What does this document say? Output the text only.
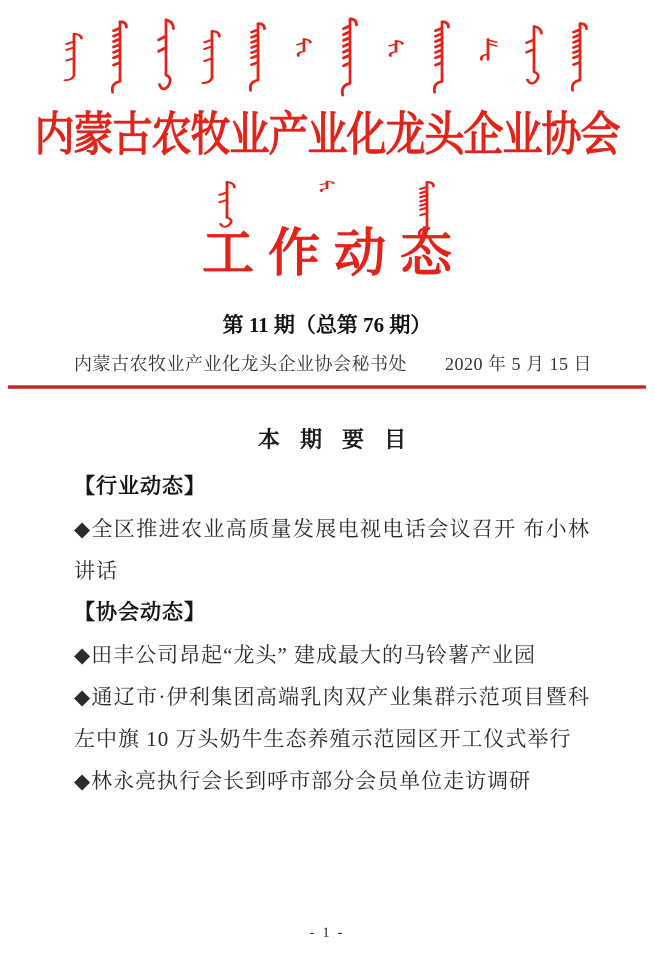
内蒙古农牧业产业化龙头企业协会
工作动态
第 11 期（总第 76 期）
内蒙古农牧业产业化龙头企业协会秘书处 2020 年 5 月 15 日

本 期 要 目

【行业动态】

◆全区推进农业高质量发展电视电话会议召开 布小林讲话

【协会动态】

◆田丰公司昂起“龙头” 建成最大的马铃薯产业园

◆通辽市·伊利集团高端乳肉双产业集群示范项目暨科左中旗 10 万头奶牛生态养殖示范园区开工仪式举行

◆林永亮执行会长到呼市部分会员单位走访调研

- 1 -
